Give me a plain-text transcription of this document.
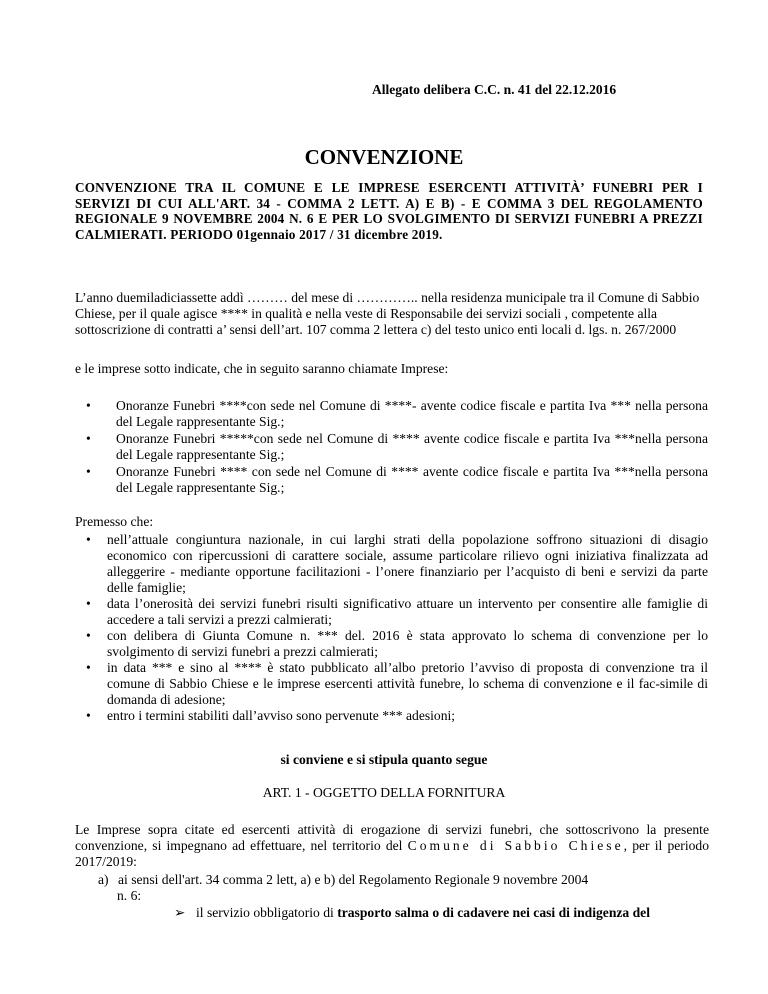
Allegato delibera C.C. n. 41 del 22.12.2016
CONVENZIONE
CONVENZIONE TRA IL COMUNE E LE IMPRESE ESERCENTI ATTIVITÀ’ FUNEBRI PER I SERVIZI DI CUI ALL'ART. 34 - COMMA 2 LETT. A) E B) - E COMMA 3 DEL REGOLAMENTO REGIONALE 9 NOVEMBRE 2004 N. 6 E PER LO SVOLGIMENTO DI SERVIZI FUNEBRI A PREZZI CALMIERATI. PERIODO 01gennaio 2017 / 31 dicembre 2019.
L’anno duemiladiciassette addì ……… del mese di ………….. nella residenza municipale tra il Comune di Sabbio Chiese, per il quale agisce **** in qualità e nella veste di Responsabile dei servizi sociali , competente alla sottoscrizione di contratti a’ sensi dell’art. 107 comma 2 lettera c) del testo unico enti locali d. lgs. n. 267/2000
e le imprese sotto indicate, che in seguito saranno chiamate Imprese:
• Onoranze Funebri ****con sede nel Comune di ****- avente codice fiscale e partita Iva *** nella persona del Legale rappresentante Sig.;
• Onoranze Funebri *****con sede nel Comune di **** avente codice fiscale e partita Iva ***nella persona del Legale rappresentante Sig.;
• Onoranze Funebri **** con sede nel Comune di **** avente codice fiscale e partita Iva ***nella persona del Legale rappresentante Sig.;
Premesso che:
• nell’attuale congiuntura nazionale, in cui larghi strati della popolazione soffrono situazioni di disagio economico con ripercussioni di carattere sociale, assume particolare rilievo ogni iniziativa finalizzata ad alleggerire - mediante opportune facilitazioni - l’onere finanziario per l’acquisto di beni e servizi da parte delle famiglie;
• data l’onerosità dei servizi funebri risulti significativo attuare un intervento per consentire alle famiglie di accedere a tali servizi a prezzi calmierati;
• con delibera di Giunta Comune n. *** del. 2016 è stata approvato lo schema di convenzione per lo svolgimento di servizi funebri a prezzi calmierati;
• in data *** e sino al **** è stato pubblicato all’albo pretorio l’avviso di proposta di convenzione tra il comune di Sabbio Chiese e le imprese esercenti attività funebre, lo schema di convenzione e il fac-simile di domanda di adesione;
• entro i termini stabiliti dall’avviso sono pervenute *** adesioni;
si conviene e si stipula quanto segue
ART. 1 - OGGETTO DELLA FORNITURA
Le Imprese sopra citate ed esercenti attività di erogazione di servizi funebri, che sottoscrivono la presente convenzione, si impegnano ad effettuare, nel territorio del Comune di Sabbio Chiese, per il periodo 2017/2019:
a) ai sensi dell'art. 34 comma 2 lett, a) e b) del Regolamento Regionale 9 novembre 2004
n. 6:
➢ il servizio obbligatorio di trasporto salma o di cadavere nei casi di indigenza del
